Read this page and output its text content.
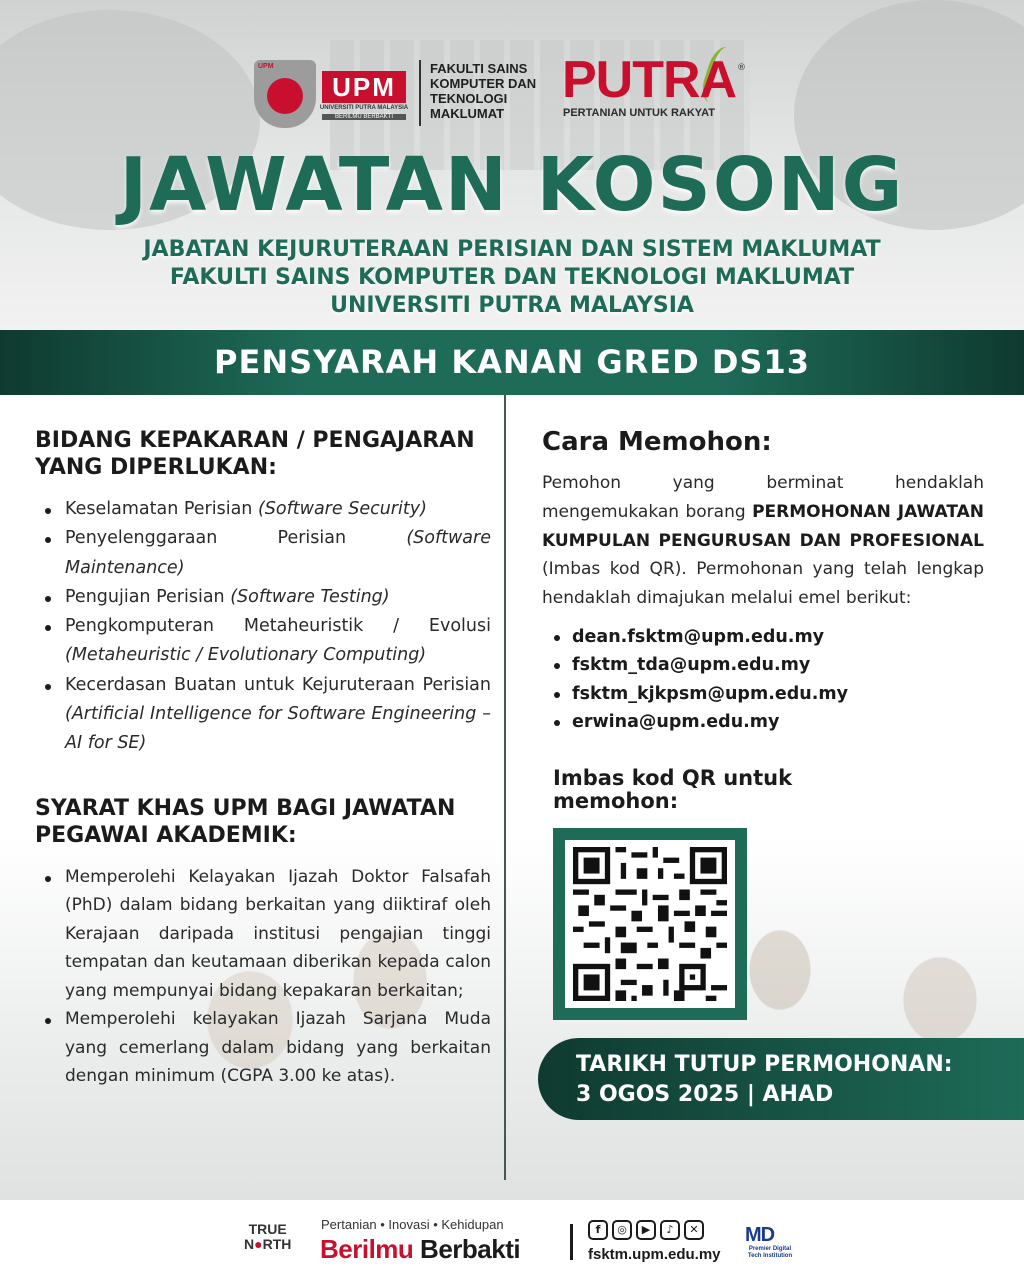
UPM
UPM
UNIVERSITI PUTRA MALAYSIA
BERILMU BERBAKTI
FAKULTI SAINS
KOMPUTER DAN
TEKNOLOGI
MAKLUMAT
PUTRA ®
PERTANIAN UNTUK RAKYAT
JAWATAN KOSONG
JABATAN KEJURUTERAAN PERISIAN DAN SISTEM MAKLUMAT
FAKULTI SAINS KOMPUTER DAN TEKNOLOGI MAKLUMAT
UNIVERSITI PUTRA MALAYSIA
PENSYARAH KANAN GRED DS13
BIDANG KEPAKARAN / PENGAJARAN YANG DIPERLUKAN:
Keselamatan Perisian (Software Security)
Penyelenggaraan Perisian	(Software Maintenance)
Pengujian Perisian (Software Testing)
Pengkomputeran Metaheuristik / Evolusi (Metaheuristic / Evolutionary Computing)
Kecerdasan Buatan untuk Kejuruteraan Perisian (Artificial Intelligence for Software Engineering – AI for SE)
SYARAT KHAS UPM BAGI JAWATAN PEGAWAI AKADEMIK:
Memperolehi Kelayakan Ijazah Doktor Falsafah (PhD) dalam bidang berkaitan yang diiktiraf oleh Kerajaan daripada institusi pengajian tinggi tempatan dan keutamaan diberikan kepada calon yang mempunyai bidang kepakaran berkaitan;
Memperolehi kelayakan Ijazah Sarjana Muda yang cemerlang dalam bidang yang berkaitan dengan minimum (CGPA 3.00 ke atas).
Cara Memohon:

Pemohon yang berminat hendaklah mengemukakan borang PERMOHONAN JAWATAN KUMPULAN PENGURUSAN DAN PROFESIONAL (Imbas kod QR). Permohonan yang telah lengkap hendaklah dimajukan melalui emel berikut:

dean.fsktm@upm.edu.my
fsktm_tda@upm.edu.my
fsktm_kjkpsm@upm.edu.my
erwina@upm.edu.my
Imbas kod QR untuk memohon:
TARIKH TUTUP PERMOHONAN:
3 OGOS 2025 | AHAD
TRUE
N●RTH
Pertanian • Inovasi • Kehidupan
Berilmu Berbakti
f	◎	▶	♪	✕
fsktm.upm.edu.my
MD
Premier Digital Tech Institution
